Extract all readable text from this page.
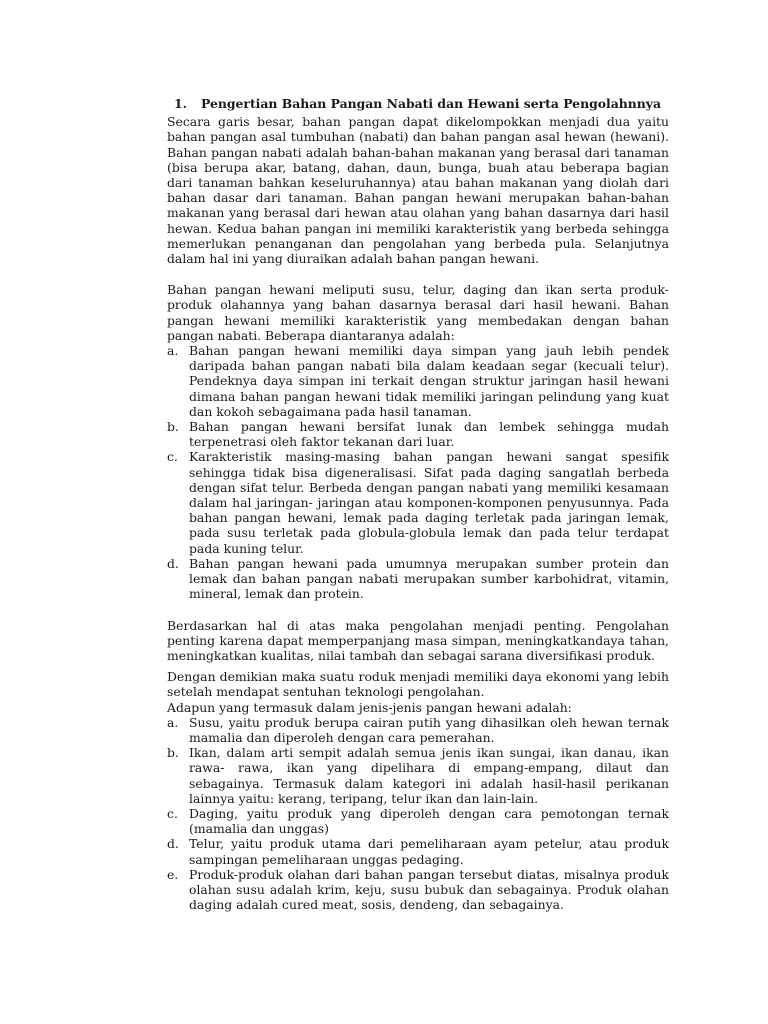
1. Pengertian Bahan Pangan Nabati dan Hewani serta Pengolahnnya

Secara garis besar, bahan pangan dapat dikelompokkan menjadi dua yaitu bahan pangan asal tumbuhan (nabati) dan bahan pangan asal hewan (hewani). Bahan pangan nabati adalah bahan-bahan makanan yang berasal dari tanaman (bisa berupa akar, batang, dahan, daun, bunga, buah atau beberapa bagian dari tanaman bahkan keseluruhannya) atau bahan makanan yang diolah dari bahan dasar dari tanaman. Bahan pangan hewani merupakan bahan-bahan makanan yang berasal dari hewan atau olahan yang bahan dasarnya dari hasil hewan. Kedua bahan pangan ini memiliki karakteristik yang berbeda sehingga memerlukan penanganan dan pengolahan yang berbeda pula. Selanjutnya dalam hal ini yang diuraikan adalah bahan pangan hewani.

Bahan pangan hewani meliputi susu, telur, daging dan ikan serta produk-produk olahannya yang bahan dasarnya berasal dari hasil hewani. Bahan pangan hewani memiliki karakteristik yang membedakan dengan bahan pangan nabati. Beberapa diantaranya adalah:

a. Bahan pangan hewani memiliki daya simpan yang jauh lebih pendek daripada bahan pangan nabati bila dalam keadaan segar (kecuali telur). Pendeknya daya simpan ini terkait dengan struktur jaringan hasil hewani dimana bahan pangan hewani tidak memiliki jaringan pelindung yang kuat dan kokoh sebagaimana pada hasil tanaman.
b. Bahan pangan hewani bersifat lunak dan lembek sehingga mudah terpenetrasi oleh faktor tekanan dari luar.
c. Karakteristik masing-masing bahan pangan hewani sangat spesifik sehingga tidak bisa digeneralisasi. Sifat pada daging sangatlah berbeda dengan sifat telur. Berbeda dengan pangan nabati yang memiliki kesamaan dalam hal jaringan- jaringan atau komponen-komponen penyusunnya. Pada bahan pangan hewani, lemak pada daging terletak pada jaringan lemak, pada susu terletak pada globula-globula lemak dan pada telur terdapat pada kuning telur.
d. Bahan pangan hewani pada umumnya merupakan sumber protein dan lemak dan bahan pangan nabati merupakan sumber karbohidrat, vitamin, mineral, lemak dan protein.

Berdasarkan hal di atas maka pengolahan menjadi penting. Pengolahan penting karena dapat memperpanjang masa simpan, meningkatkandaya tahan, meningkatkan kualitas, nilai tambah dan sebagai sarana diversifikasi produk.

Dengan demikian maka suatu roduk menjadi memiliki daya ekonomi yang lebih setelah mendapat sentuhan teknologi pengolahan.

Adapun yang termasuk dalam jenis-jenis pangan hewani adalah:

a. Susu, yaitu produk berupa cairan putih yang dihasilkan oleh hewan ternak mamalia dan diperoleh dengan cara pemerahan.
b. Ikan, dalam arti sempit adalah semua jenis ikan sungai, ikan danau, ikan rawa- rawa, ikan yang dipelihara di empang-empang, dilaut dan sebagainya. Termasuk dalam kategori ini adalah hasil-hasil perikanan lainnya yaitu: kerang, teripang, telur ikan dan lain-lain.
c. Daging, yaitu produk yang diperoleh dengan cara pemotongan ternak (mamalia dan unggas)
d. Telur, yaitu produk utama dari pemeliharaan ayam petelur, atau produk sampingan pemeliharaan unggas pedaging.
e. Produk-produk olahan dari bahan pangan tersebut diatas, misalnya produk olahan susu adalah krim, keju, susu bubuk dan sebagainya. Produk olahan daging adalah cured meat, sosis, dendeng, dan sebagainya.
